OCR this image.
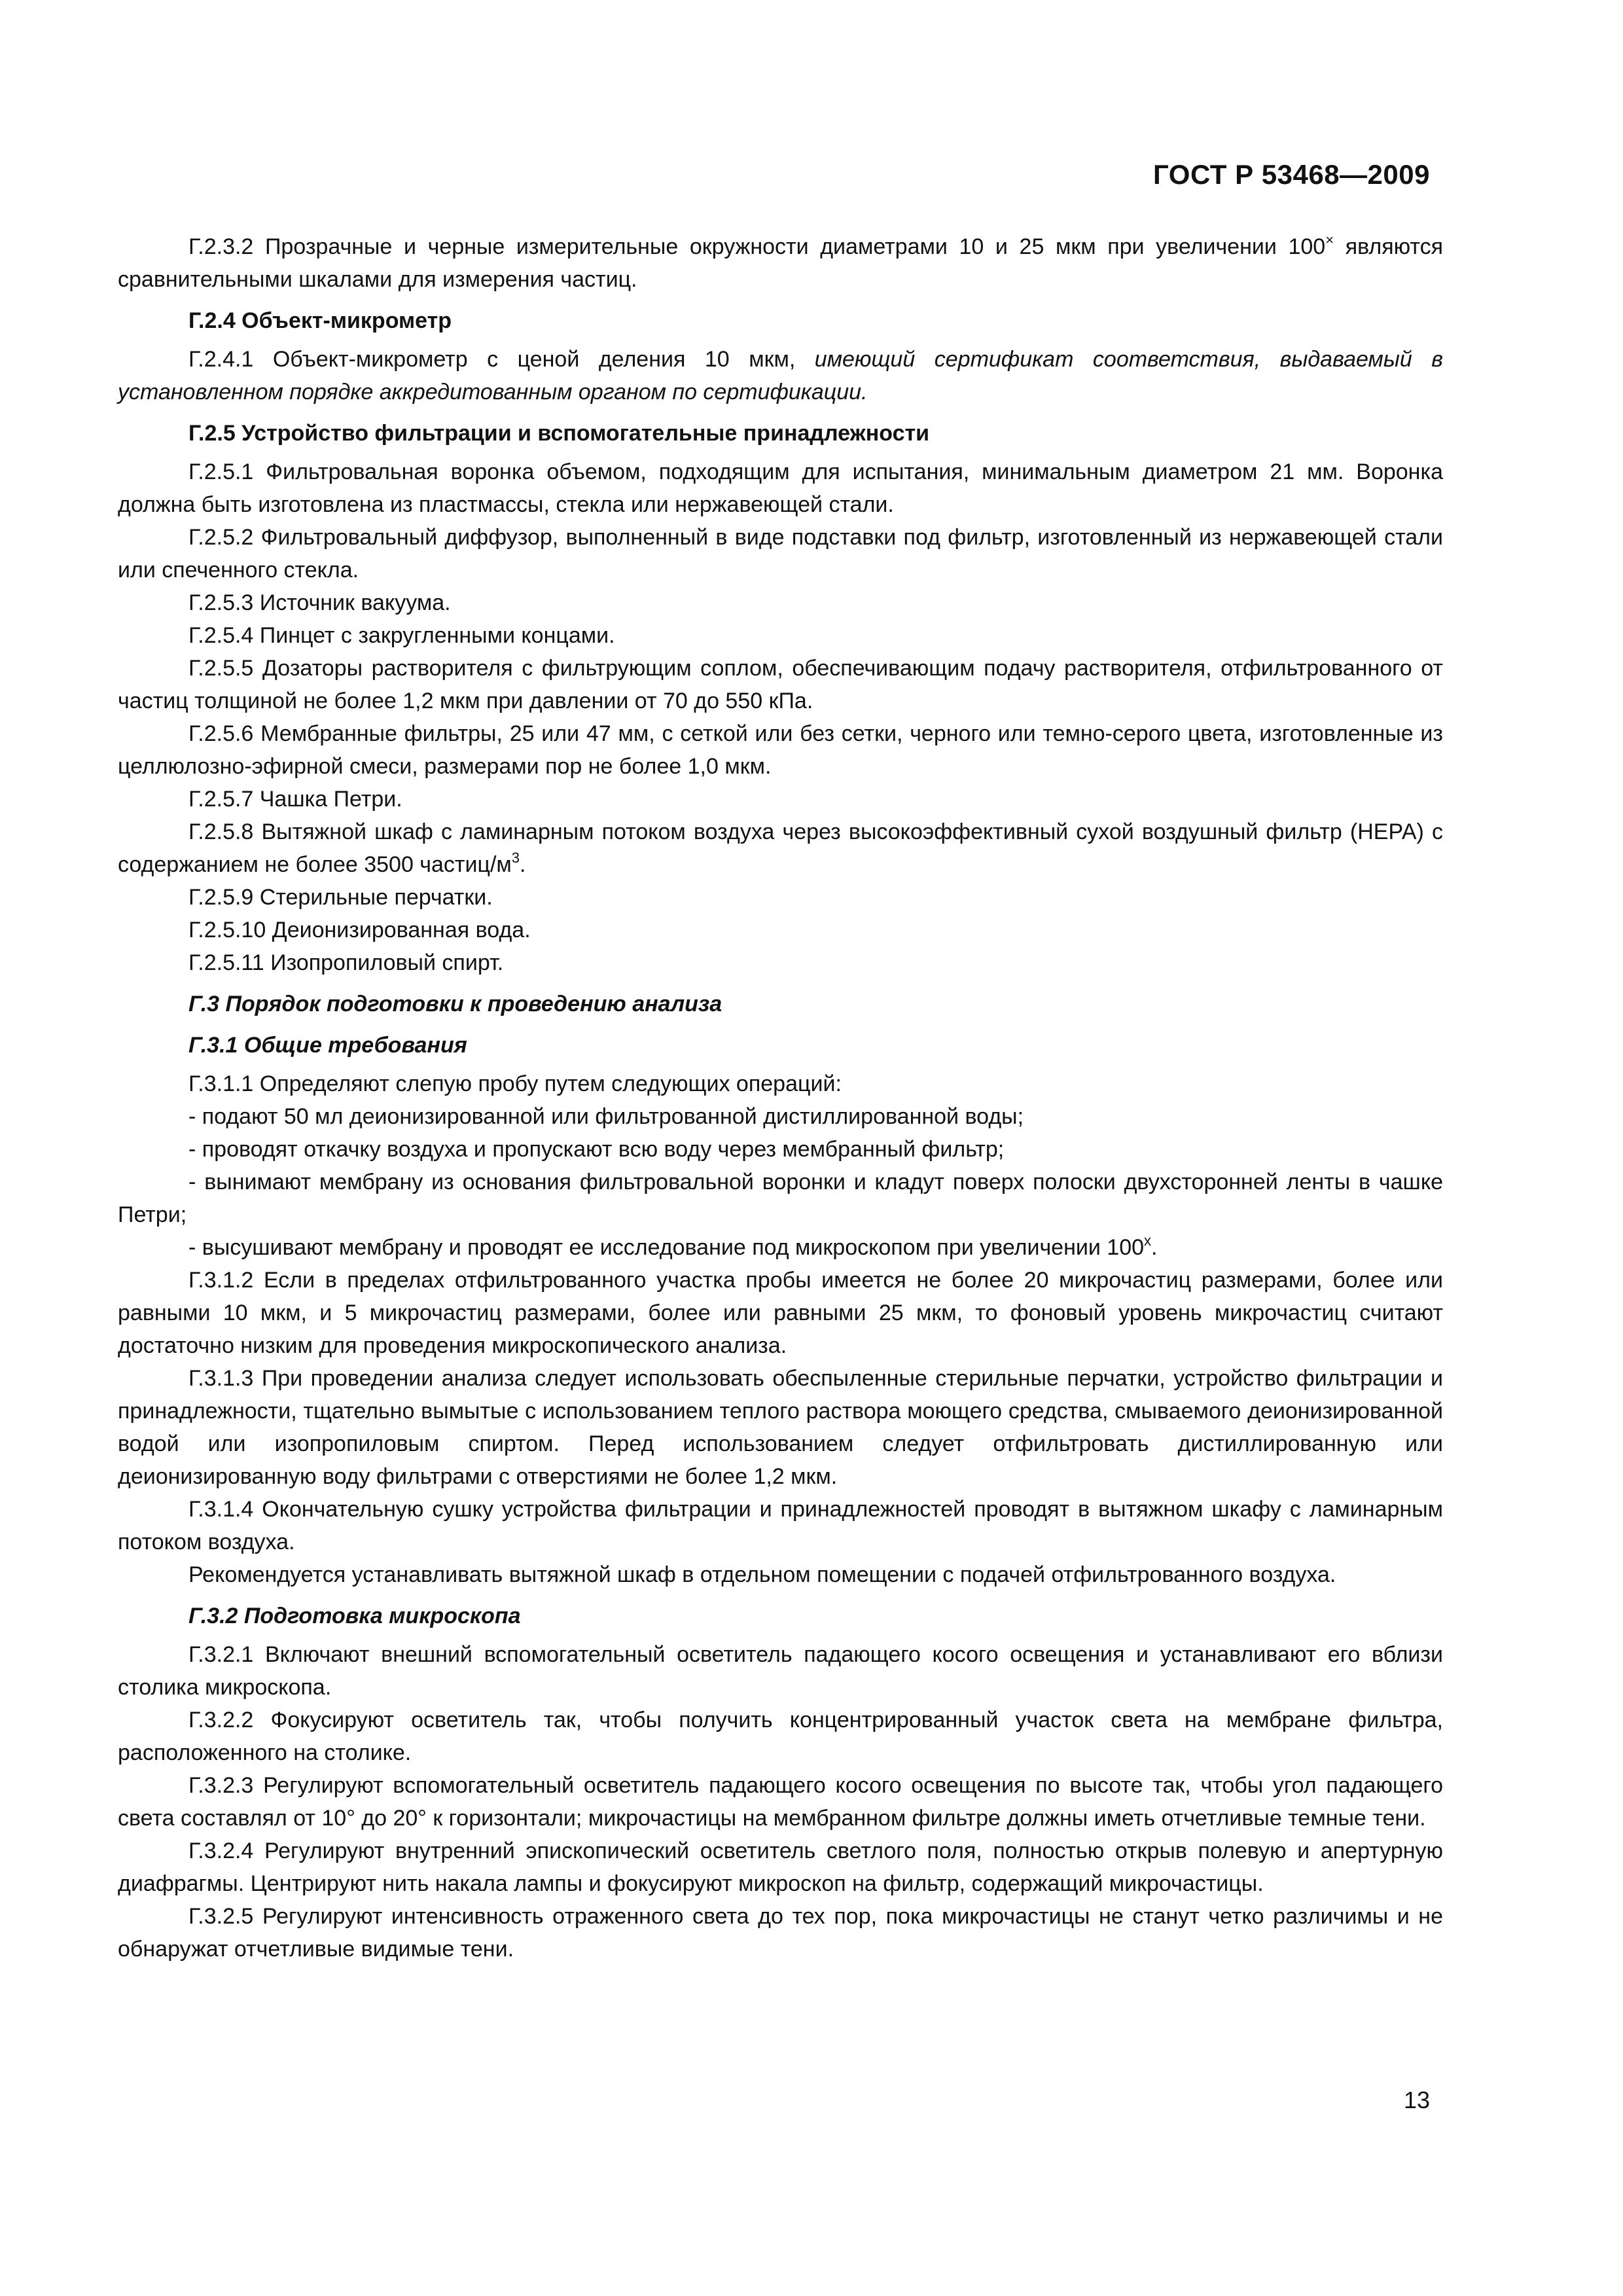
ГОСТ Р 53468—2009

Г.2.3.2 Прозрачные и черные измерительные окружности диаметрами 10 и 25 мкм при увеличении 100× являются сравнительными шкалами для измерения частиц.

Г.2.4 Объект-микрометр

Г.2.4.1 Объект-микрометр с ценой деления 10 мкм, имеющий сертификат соответствия, выдаваемый в установленном порядке аккредитованным органом по сертификации.

Г.2.5 Устройство фильтрации и вспомогательные принадлежности

Г.2.5.1 Фильтровальная воронка объемом, подходящим для испытания, минимальным диаметром 21 мм. Воронка должна быть изготовлена из пластмассы, стекла или нержавеющей стали.

Г.2.5.2 Фильтровальный диффузор, выполненный в виде подставки под фильтр, изготовленный из нержавеющей стали или спеченного стекла.

Г.2.5.3 Источник вакуума.

Г.2.5.4 Пинцет с закругленными концами.

Г.2.5.5 Дозаторы растворителя с фильтрующим соплом, обеспечивающим подачу растворителя, отфильтрованного от частиц толщиной не более 1,2 мкм при давлении от 70 до 550 кПа.

Г.2.5.6 Мембранные фильтры, 25 или 47 мм, с сеткой или без сетки, черного или темно-серого цвета, изготовленные из целлюлозно-эфирной смеси, размерами пор не более 1,0 мкм.

Г.2.5.7 Чашка Петри.

Г.2.5.8 Вытяжной шкаф с ламинарным потоком воздуха через высокоэффективный сухой воздушный фильтр (НЕРА) с содержанием не более 3500 частиц/$м^3$.

Г.2.5.9 Стерильные перчатки.

Г.2.5.10 Деионизированная вода.

Г.2.5.11 Изопропиловый спирт.

Г.3 Порядок подготовки к проведению анализа

Г.3.1 Общие требования

Г.3.1.1 Определяют слепую пробу путем следующих операций:

- подают 50 мл деионизированной или фильтрованной дистиллированной воды;

- проводят откачку воздуха и пропускают всю воду через мембранный фильтр;

- вынимают мембрану из основания фильтровальной воронки и кладут поверх полоски двухсторонней ленты в чашке Петри;

- высушивают мембрану и проводят ее исследование под микроскопом при увеличении $100^х$.

Г.3.1.2 Если в пределах отфильтрованного участка пробы имеется не более 20 микрочастиц размерами, более или равными 10 мкм, и 5 микрочастиц размерами, более или равными 25 мкм, то фоновый уровень микрочастиц считают достаточно низким для проведения микроскопического анализа.

Г.3.1.3 При проведении анализа следует использовать обеспыленные стерильные перчатки, устройство фильтрации и принадлежности, тщательно вымытые с использованием теплого раствора моющего средства, смываемого деионизированной водой или изопропиловым спиртом. Перед использованием следует отфильтровать дистиллированную или деионизированную воду фильтрами с отверстиями не более 1,2 мкм.

Г.3.1.4 Окончательную сушку устройства фильтрации и принадлежностей проводят в вытяжном шкафу с ламинарным потоком воздуха.

Рекомендуется устанавливать вытяжной шкаф в отдельном помещении с подачей отфильтрованного воздуха.

Г.3.2 Подготовка микроскопа

Г.3.2.1 Включают внешний вспомогательный осветитель падающего косого освещения и устанавливают его вблизи столика микроскопа.

Г.3.2.2 Фокусируют осветитель так, чтобы получить концентрированный участок света на мембране фильтра, расположенного на столике.

Г.3.2.3 Регулируют вспомогательный осветитель падающего косого освещения по высоте так, чтобы угол падающего света составлял от 10° до 20° к горизонтали; микрочастицы на мембранном фильтре должны иметь отчетливые темные тени.

Г.3.2.4 Регулируют внутренний эпископический осветитель светлого поля, полностью открыв полевую и апертурную диафрагмы. Центрируют нить накала лампы и фокусируют микроскоп на фильтр, содержащий микрочастицы.

Г.3.2.5 Регулируют интенсивность отраженного света до тех пор, пока микрочастицы не станут четко различимы и не обнаружат отчетливые видимые тени.

13
